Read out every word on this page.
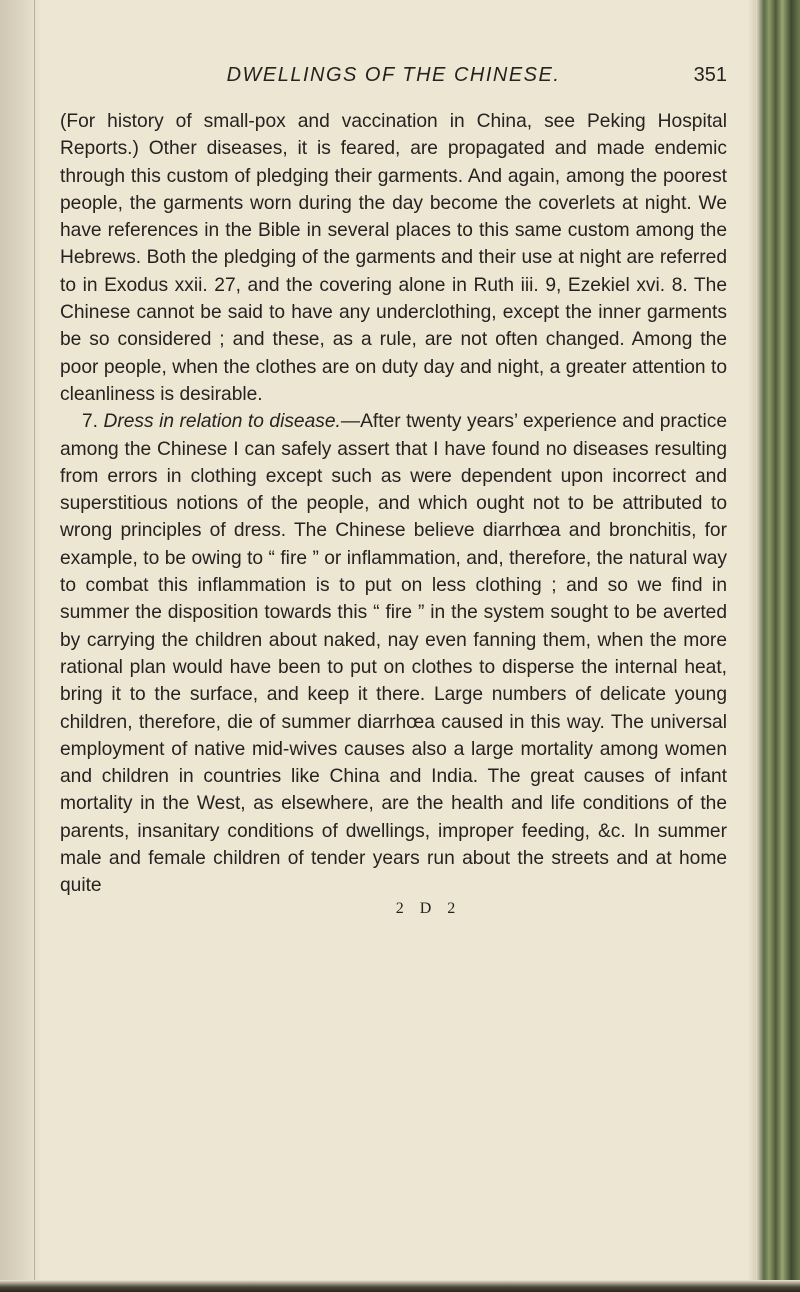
DWELLINGS OF THE CHINESE.	351

(For history of small-pox and vaccination in China, see Peking Hospital Reports.) Other diseases, it is feared, are propagated and made endemic through this custom of pledging their garments. And again, among the poorest people, the garments worn during the day become the coverlets at night. We have references in the Bible in several places to this same custom among the Hebrews. Both the pledging of the garments and their use at night are referred to in Exodus xxii. 27, and the covering alone in Ruth iii. 9, Ezekiel xvi. 8. The Chinese cannot be said to have any underclothing, except the inner garments be so considered ; and these, as a rule, are not often changed. Among the poor people, when the clothes are on duty day and night, a greater attention to cleanliness is desirable.

7. Dress in relation to disease.—After twenty years’ experience and practice among the Chinese I can safely assert that I have found no diseases resulting from errors in clothing except such as were dependent upon incorrect and superstitious notions of the people, and which ought not to be attributed to wrong principles of dress. The Chinese believe diarrhœa and bronchitis, for example, to be owing to “ fire ” or inflammation, and, therefore, the natural way to combat this inflammation is to put on less clothing ; and so we find in summer the disposition towards this “ fire ” in the system sought to be averted by carrying the children about naked, nay even fanning them, when the more rational plan would have been to put on clothes to disperse the internal heat, bring it to the surface, and keep it there. Large numbers of delicate young children, therefore, die of summer diarrhœa caused in this way. The universal employment of native mid-wives causes also a large mortality among women and children in countries like China and India. The great causes of infant mortality in the West, as elsewhere, are the health and life conditions of the parents, insanitary conditions of dwellings, improper feeding, &c. In summer male and female children of tender years run about the streets and at home quite

2 D 2
